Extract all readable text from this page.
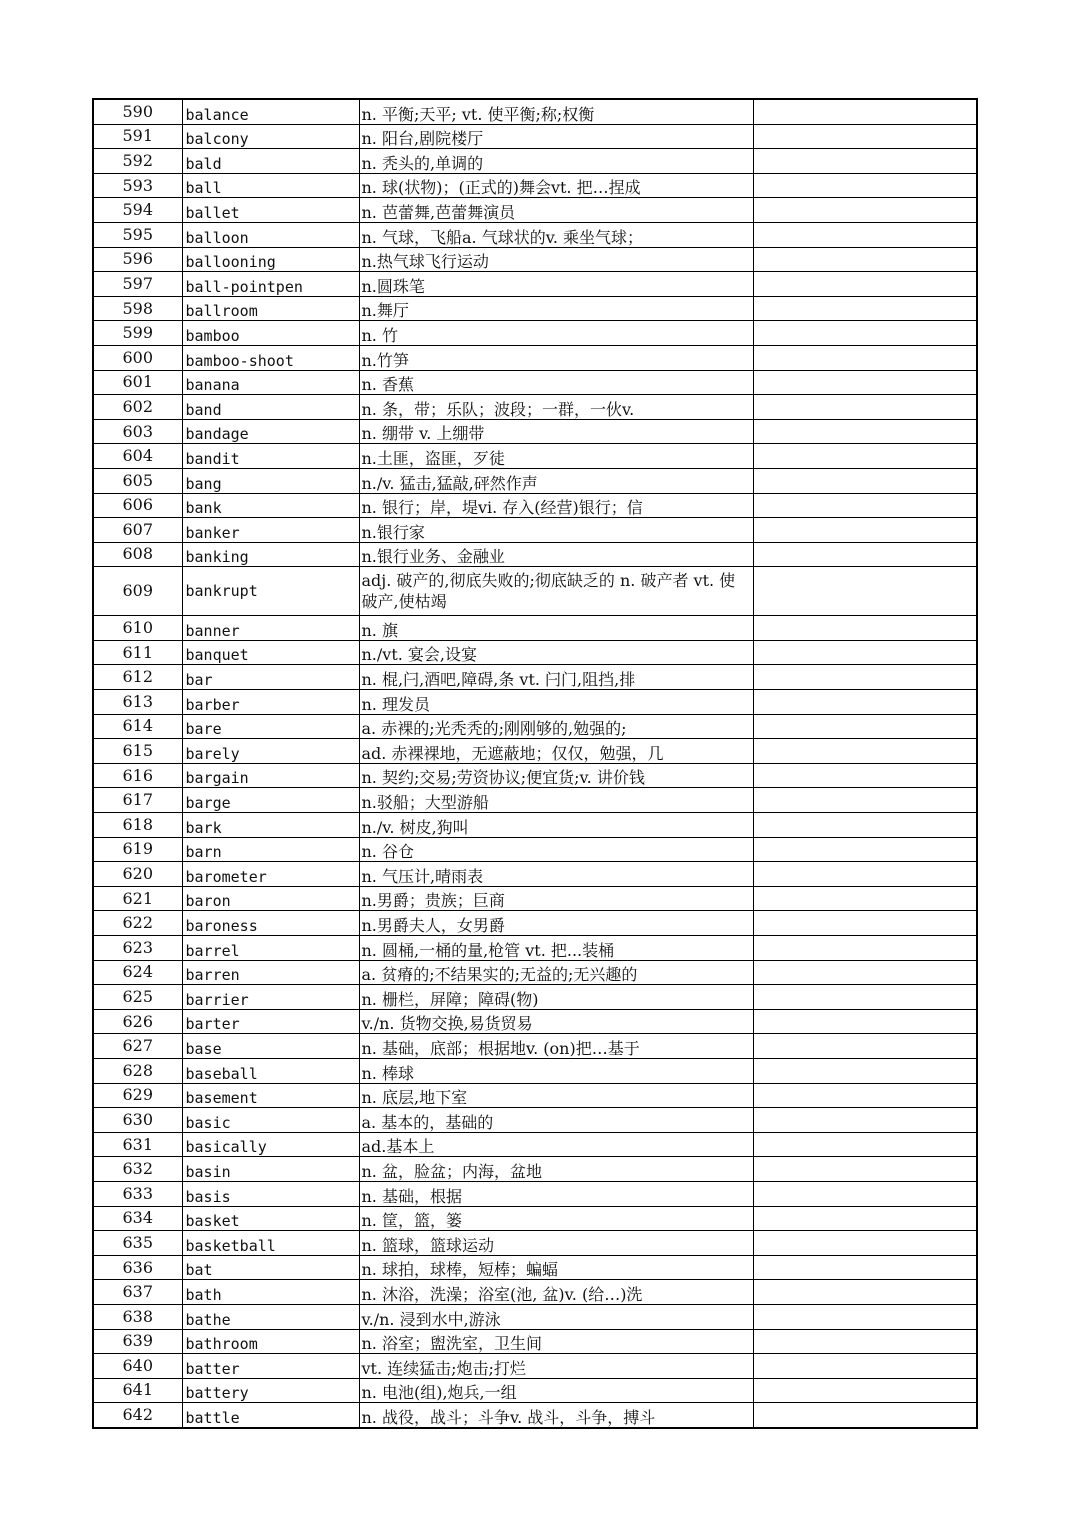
590	balance	n. 平衡;天平; vt. 使平衡;称;权衡	
591	balcony	n. 阳台,剧院楼厅	
592	bald	n. 秃头的,单调的	
593	ball	n. 球(状物)；(正式的)舞会vt. 把…捏成	
594	ballet	n. 芭蕾舞,芭蕾舞演员	
595	balloon	n. 气球，飞船a. 气球状的v. 乘坐气球；	
596	ballooning	n.热气球飞行运动	
597	ball-pointpen	n.圆珠笔	
598	ballroom	n.舞厅	
599	bamboo	n. 竹	
600	bamboo-shoot	n.竹笋	
601	banana	n. 香蕉	
602	band	n. 条，带；乐队；波段；一群，一伙v.	
603	bandage	n. 绷带 v. 上绷带	
604	bandit	n.土匪，盗匪，歹徒	
605	bang	n./v. 猛击,猛敲,砰然作声	
606	bank	n. 银行；岸，堤vi. 存入(经营)银行；信	
607	banker	n.银行家	
608	banking	n.银行业务、金融业	
609	bankrupt	adj. 破产的,彻底失败的;彻底缺乏的 n. 破产者 vt. 使破产,使枯竭	
610	banner	n. 旗	
611	banquet	n./vt. 宴会,设宴	
612	bar	n. 棍,闩,酒吧,障碍,条 vt. 闩门,阻挡,排	
613	barber	n. 理发员	
614	bare	a. 赤裸的;光秃秃的;刚刚够的,勉强的;	
615	barely	ad. 赤裸裸地，无遮蔽地；仅仅，勉强，几	
616	bargain	n. 契约;交易;劳资协议;便宜货;v. 讲价钱	
617	barge	n.驳船；大型游船	
618	bark	n./v. 树皮,狗叫	
619	barn	n. 谷仓	
620	barometer	n. 气压计,晴雨表	
621	baron	n.男爵；贵族；巨商	
622	baroness	n.男爵夫人，女男爵	
623	barrel	n. 圆桶,一桶的量,枪管 vt. 把...装桶	
624	barren	a. 贫瘠的;不结果实的;无益的;无兴趣的	
625	barrier	n. 栅栏，屏障；障碍(物)	
626	barter	v./n. 货物交换,易货贸易	
627	base	n. 基础，底部；根据地v. (on)把…基于	
628	baseball	n. 棒球	
629	basement	n. 底层,地下室	
630	basic	a. 基本的，基础的	
631	basically	ad.基本上	
632	basin	n. 盆，脸盆；内海，盆地	
633	basis	n. 基础，根据	
634	basket	n. 筐，篮，篓	
635	basketball	n. 篮球，篮球运动	
636	bat	n. 球拍，球棒，短棒；蝙蝠	
637	bath	n. 沐浴，洗澡；浴室(池, 盆)v. (给…)洗	
638	bathe	v./n. 浸到水中,游泳	
639	bathroom	n. 浴室；盥洗室，卫生间	
640	batter	vt. 连续猛击;炮击;打烂	
641	battery	n. 电池(组),炮兵,一组	
642	battle	n. 战役，战斗；斗争v. 战斗，斗争，搏斗	
